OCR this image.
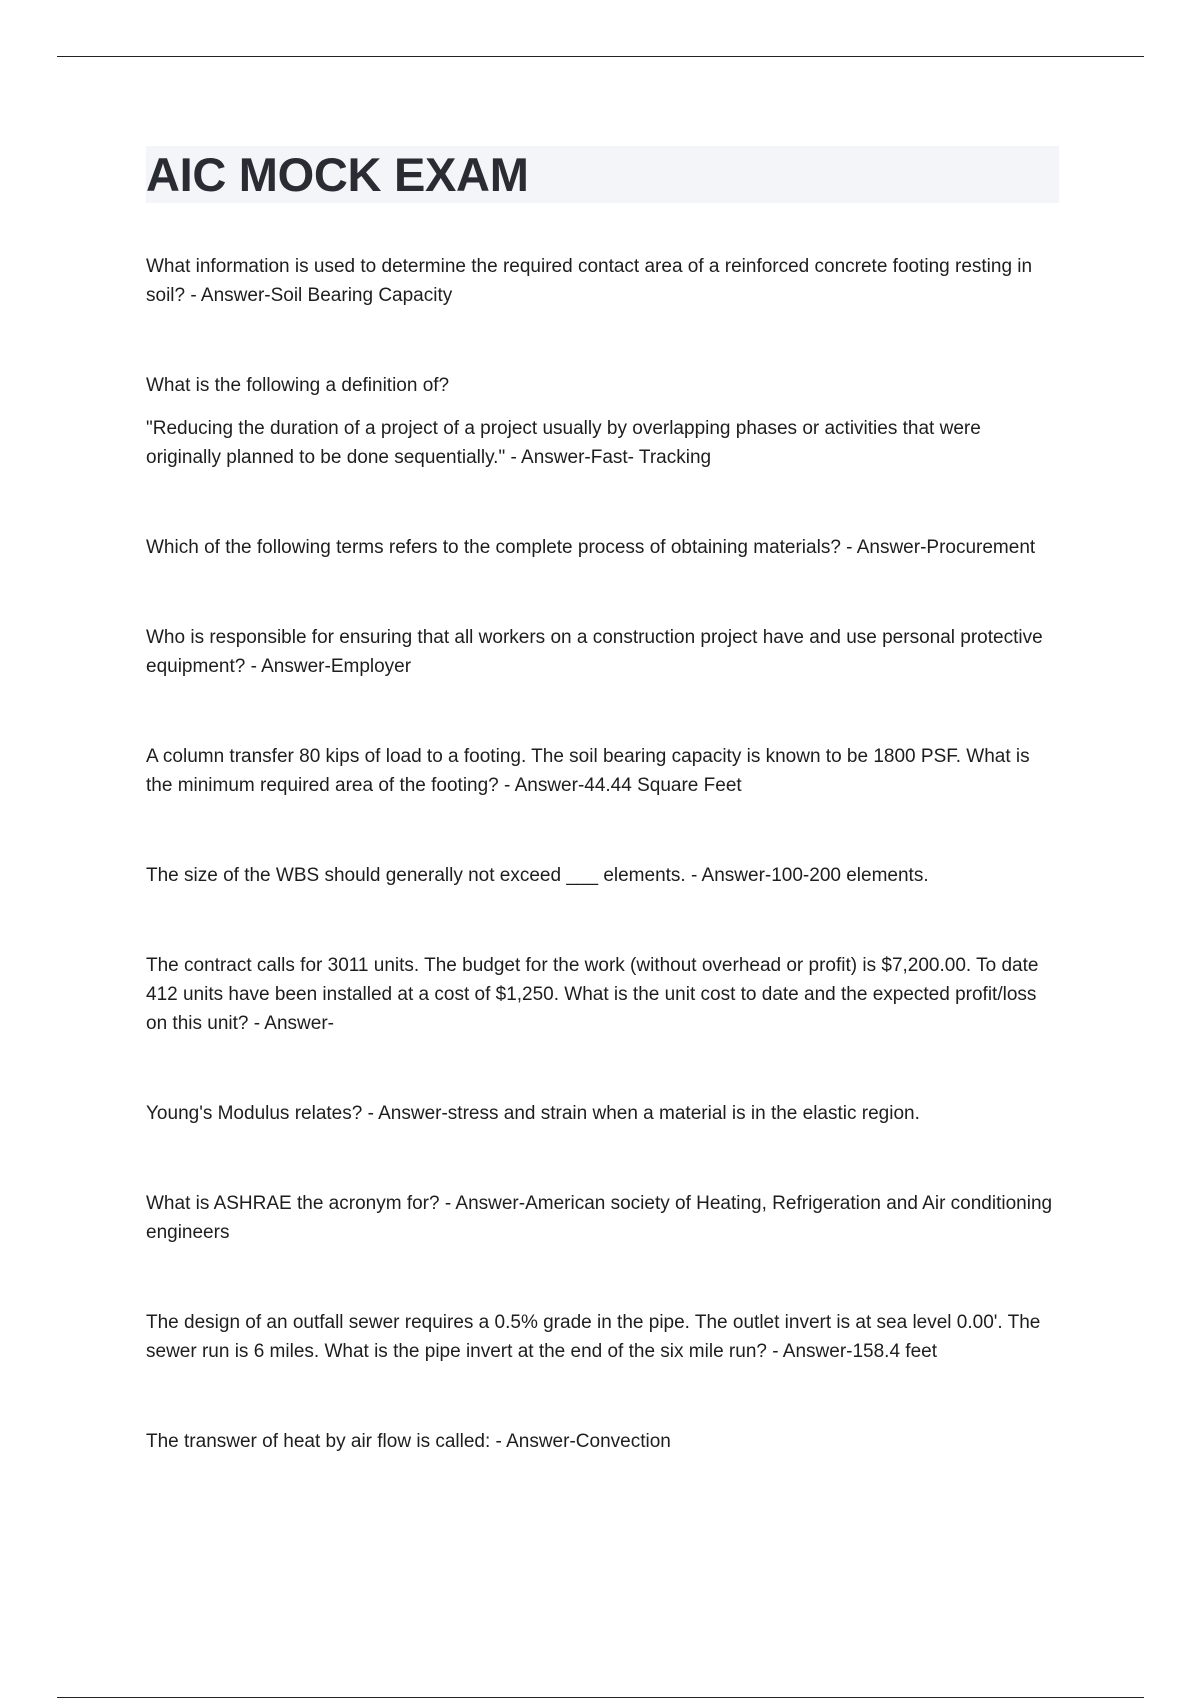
AIC MOCK EXAM

What information is used to determine the required contact area of a reinforced concrete footing resting in soil? - Answer-Soil Bearing Capacity

What is the following a definition of?

"Reducing the duration of a project of a project usually by overlapping phases or activities that were originally planned to be done sequentially." - Answer-Fast- Tracking

Which of the following terms refers to the complete process of obtaining materials? - Answer-Procurement

Who is responsible for ensuring that all workers on a construction project have and use personal protective equipment? - Answer-Employer

A column transfer 80 kips of load to a footing. The soil bearing capacity is known to be 1800 PSF. What is the minimum required area of the footing? - Answer-44.44 Square Feet

The size of the WBS should generally not exceed ___ elements. - Answer-100-200 elements.

The contract calls for 3011 units. The budget for the work (without overhead or profit) is $7,200.00. To date 412 units have been installed at a cost of $1,250. What is the unit cost to date and the expected profit/loss on this unit? - Answer-

Young's Modulus relates? - Answer-stress and strain when a material is in the elastic region.

What is ASHRAE the acronym for? - Answer-American society of Heating, Refrigeration and Air conditioning engineers

The design of an outfall sewer requires a 0.5% grade in the pipe. The outlet invert is at sea level 0.00'. The sewer run is 6 miles. What is the pipe invert at the end of the six mile run? - Answer-158.4 feet

The transwer of heat by air flow is called: - Answer-Convection
